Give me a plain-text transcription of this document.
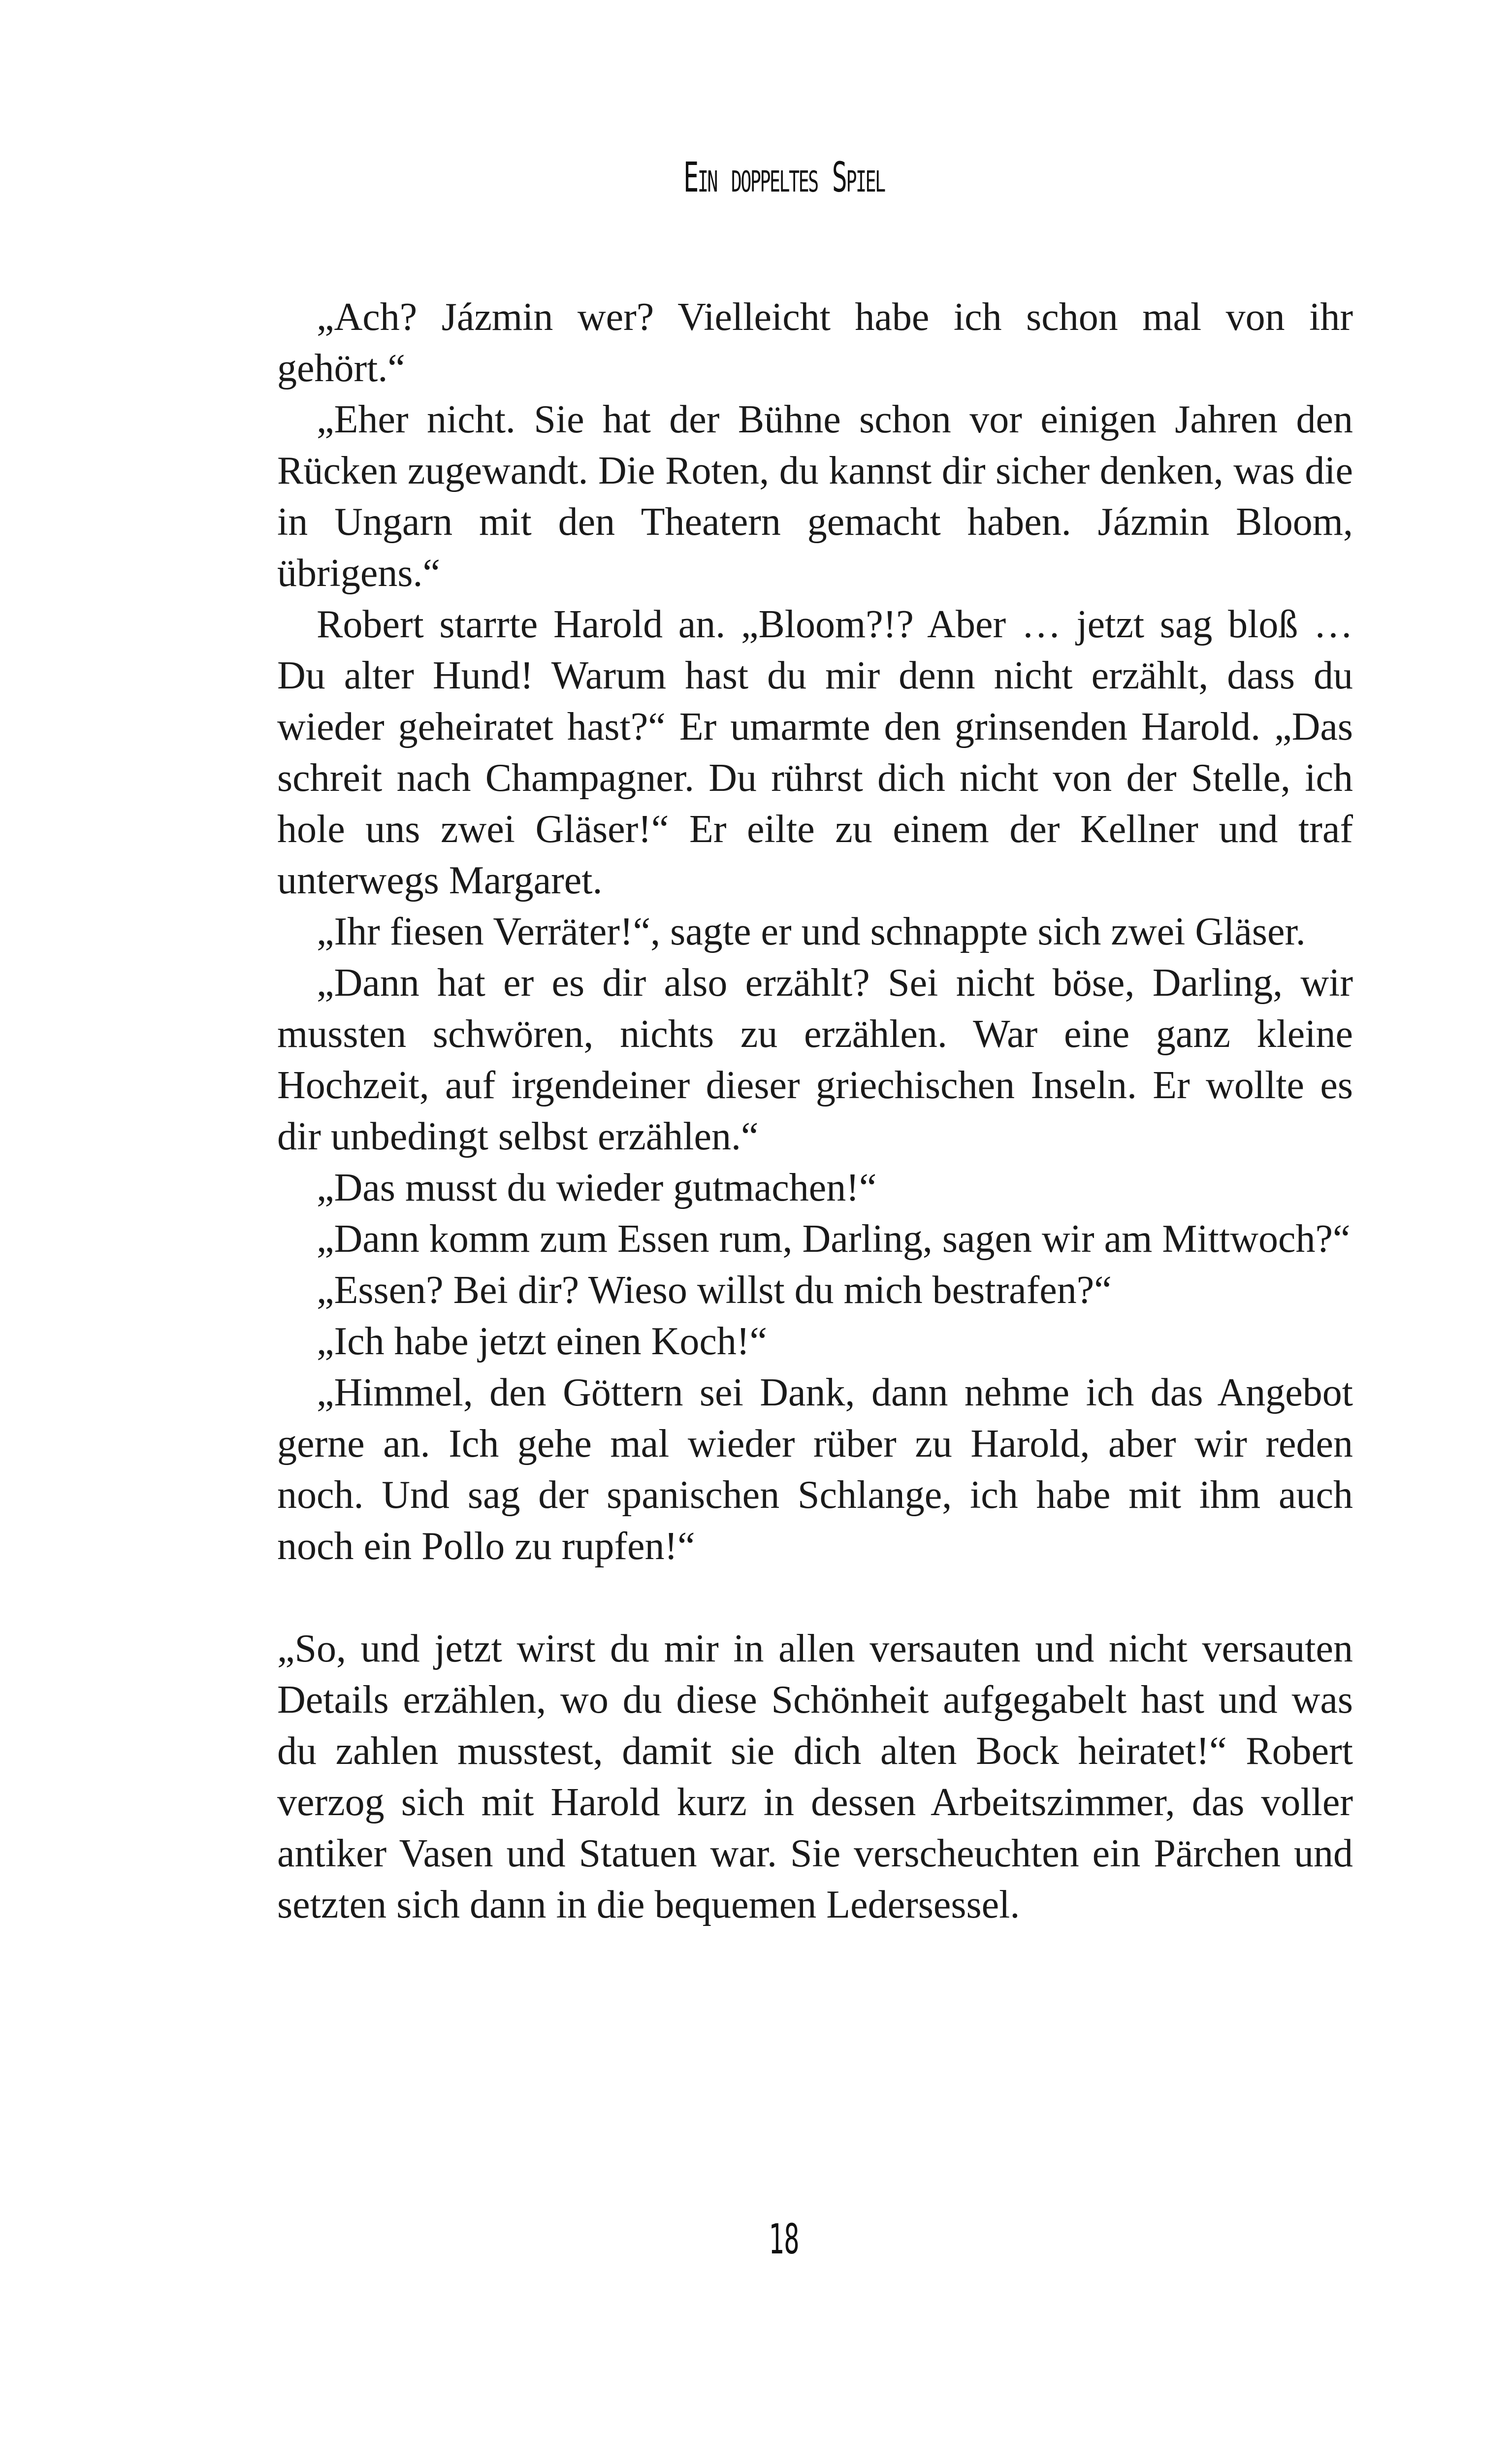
Ein doppeltes Spiel

„Ach? Jázmin wer? Vielleicht habe ich schon mal von ihr gehört.“

„Eher nicht. Sie hat der Bühne schon vor einigen Jahren den Rücken zugewandt. Die Roten, du kannst dir sicher denken, was die in Ungarn mit den Theatern gemacht haben. Jázmin Bloom, übrigens.“

Robert starrte Harold an. „Bloom?!? Aber … jetzt sag bloß … Du alter Hund! Warum hast du mir denn nicht erzählt, dass du wieder geheiratet hast?“ Er umarmte den grinsenden Harold. „Das schreit nach Champagner. Du rührst dich nicht von der Stelle, ich hole uns zwei Gläser!“ Er eilte zu einem der Kellner und traf unterwegs Margaret.

„Ihr fiesen Verräter!“, sagte er und schnappte sich zwei Gläser.

„Dann hat er es dir also erzählt? Sei nicht böse, Darling, wir mussten schwören, nichts zu erzählen. War eine ganz kleine Hochzeit, auf irgendeiner dieser griechischen Inseln. Er wollte es dir unbedingt selbst erzählen.“

„Das musst du wieder gutmachen!“

„Dann komm zum Essen rum, Darling, sagen wir am Mittwoch?“

„Essen? Bei dir? Wieso willst du mich bestrafen?“

„Ich habe jetzt einen Koch!“

„Himmel, den Göttern sei Dank, dann nehme ich das Angebot gerne an. Ich gehe mal wieder rüber zu Harold, aber wir reden noch. Und sag der spanischen Schlange, ich habe mit ihm auch noch ein Pollo zu rupfen!“

„So, und jetzt wirst du mir in allen versauten und nicht versauten Details erzählen, wo du diese Schönheit aufgegabelt hast und was du zahlen musstest, damit sie dich alten Bock heiratet!“ Robert verzog sich mit Harold kurz in dessen Arbeitszimmer, das voller antiker Vasen und Statuen war. Sie verscheuchten ein Pärchen und setzten sich dann in die bequemen Ledersessel.

18
